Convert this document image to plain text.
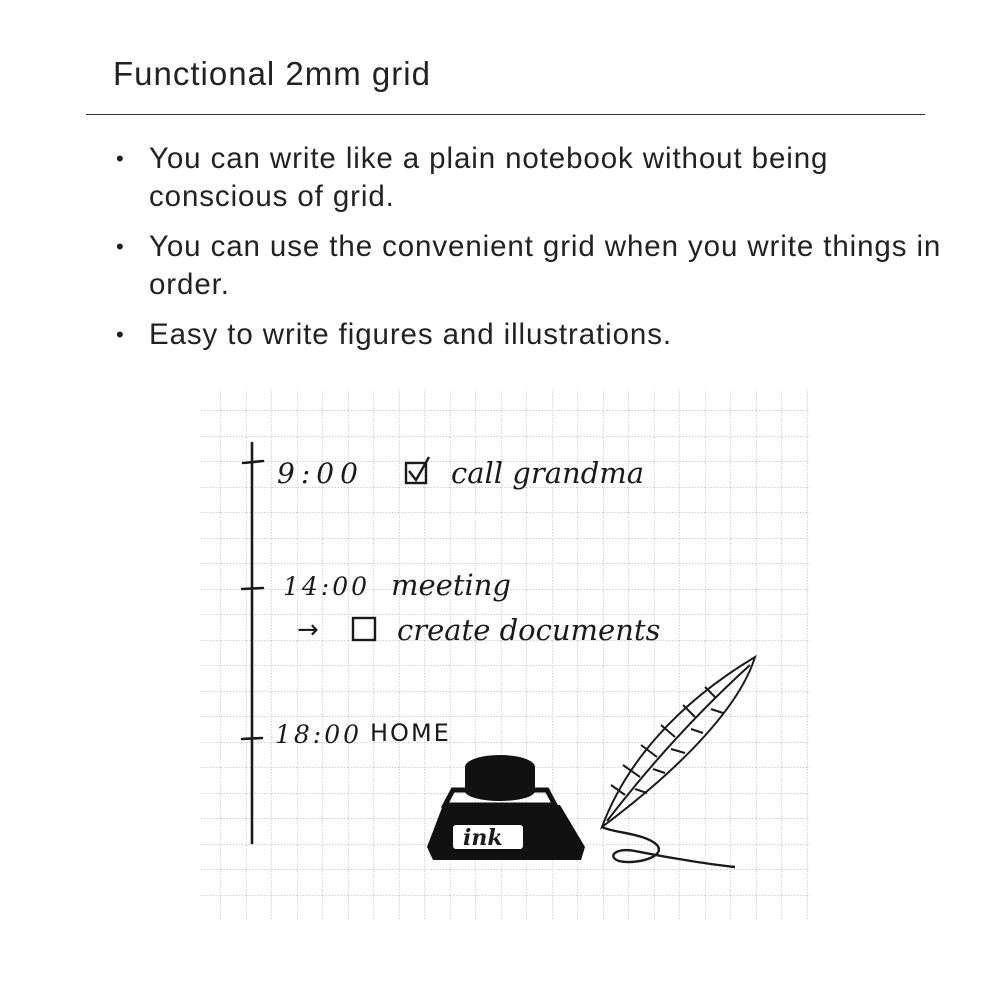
Functional 2mm grid
• You can write like a plain notebook without being conscious of grid.
• You can use the convenient grid when you write things in order.
• Easy to write figures and illustrations.
9:00	call grandma
14:00 meeting
→	create documents
18:00 HOME
ink
